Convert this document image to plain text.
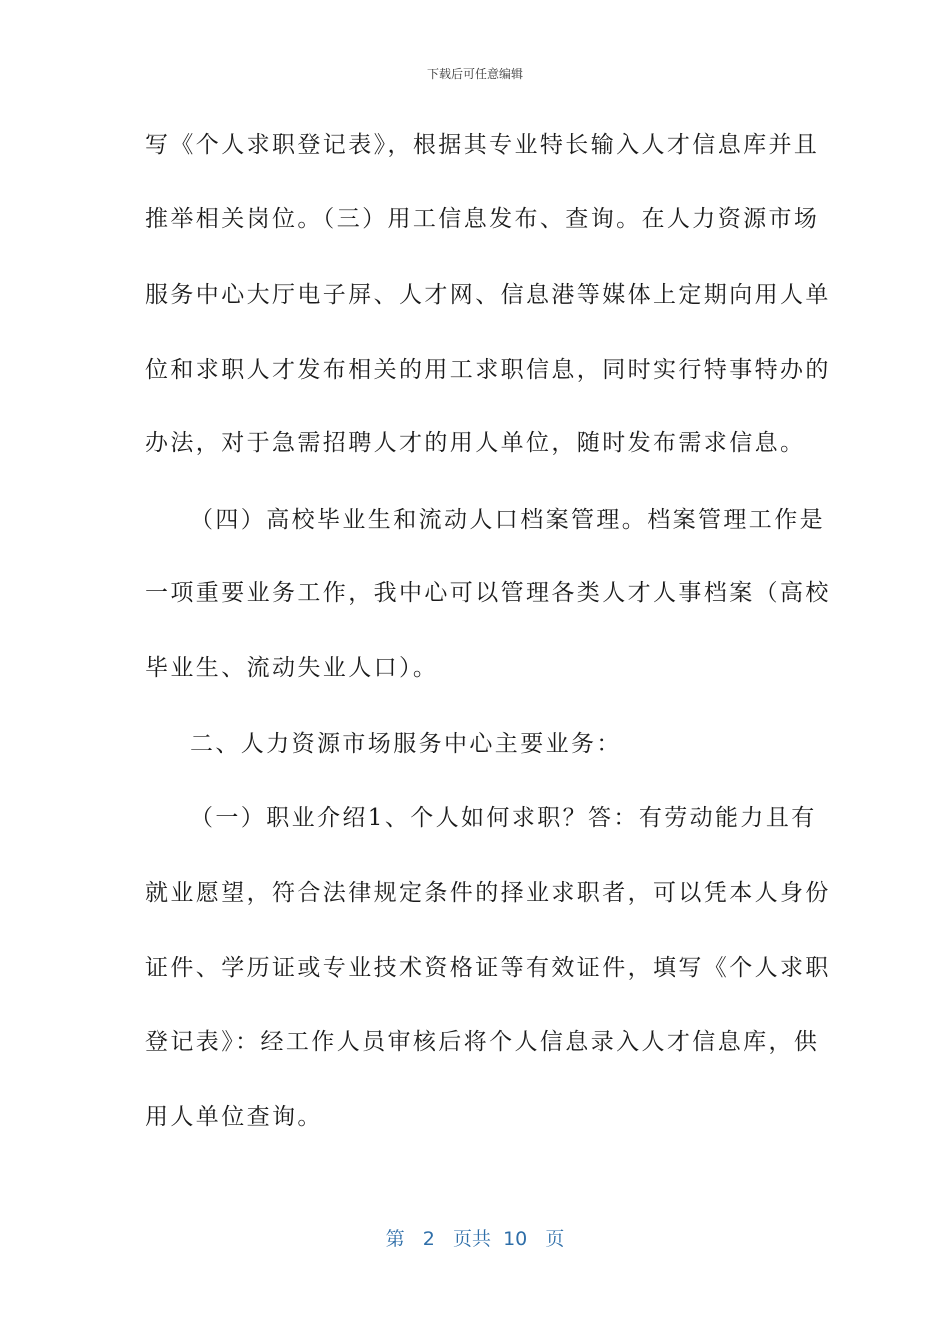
下载后可任意编辑
写《个人求职登记表》，根据其专业特长输入人才信息库并且
推举相关岗位。（三）用工信息发布、查询。在人力资源市场
服务中心大厅电子屏、人才网、信息港等媒体上定期向用人单
位和求职人才发布相关的用工求职信息，同时实行特事特办的
办法，对于急需招聘人才的用人单位，随时发布需求信息。
（四）高校毕业生和流动人口档案管理。档案管理工作是
一项重要业务工作，我中心可以管理各类人才人事档案（高校
毕业生、流动失业人口）。
二、人力资源市场服务中心主要业务：
（一）职业介绍1、个人如何求职？答：有劳动能力且有
就业愿望，符合法律规定条件的择业求职者，可以凭本人身份
证件、学历证或专业技术资格证等有效证件，填写《个人求职
登记表》：经工作人员审核后将个人信息录入人才信息库，供
用人单位查询。
第 2 页共 10 页
